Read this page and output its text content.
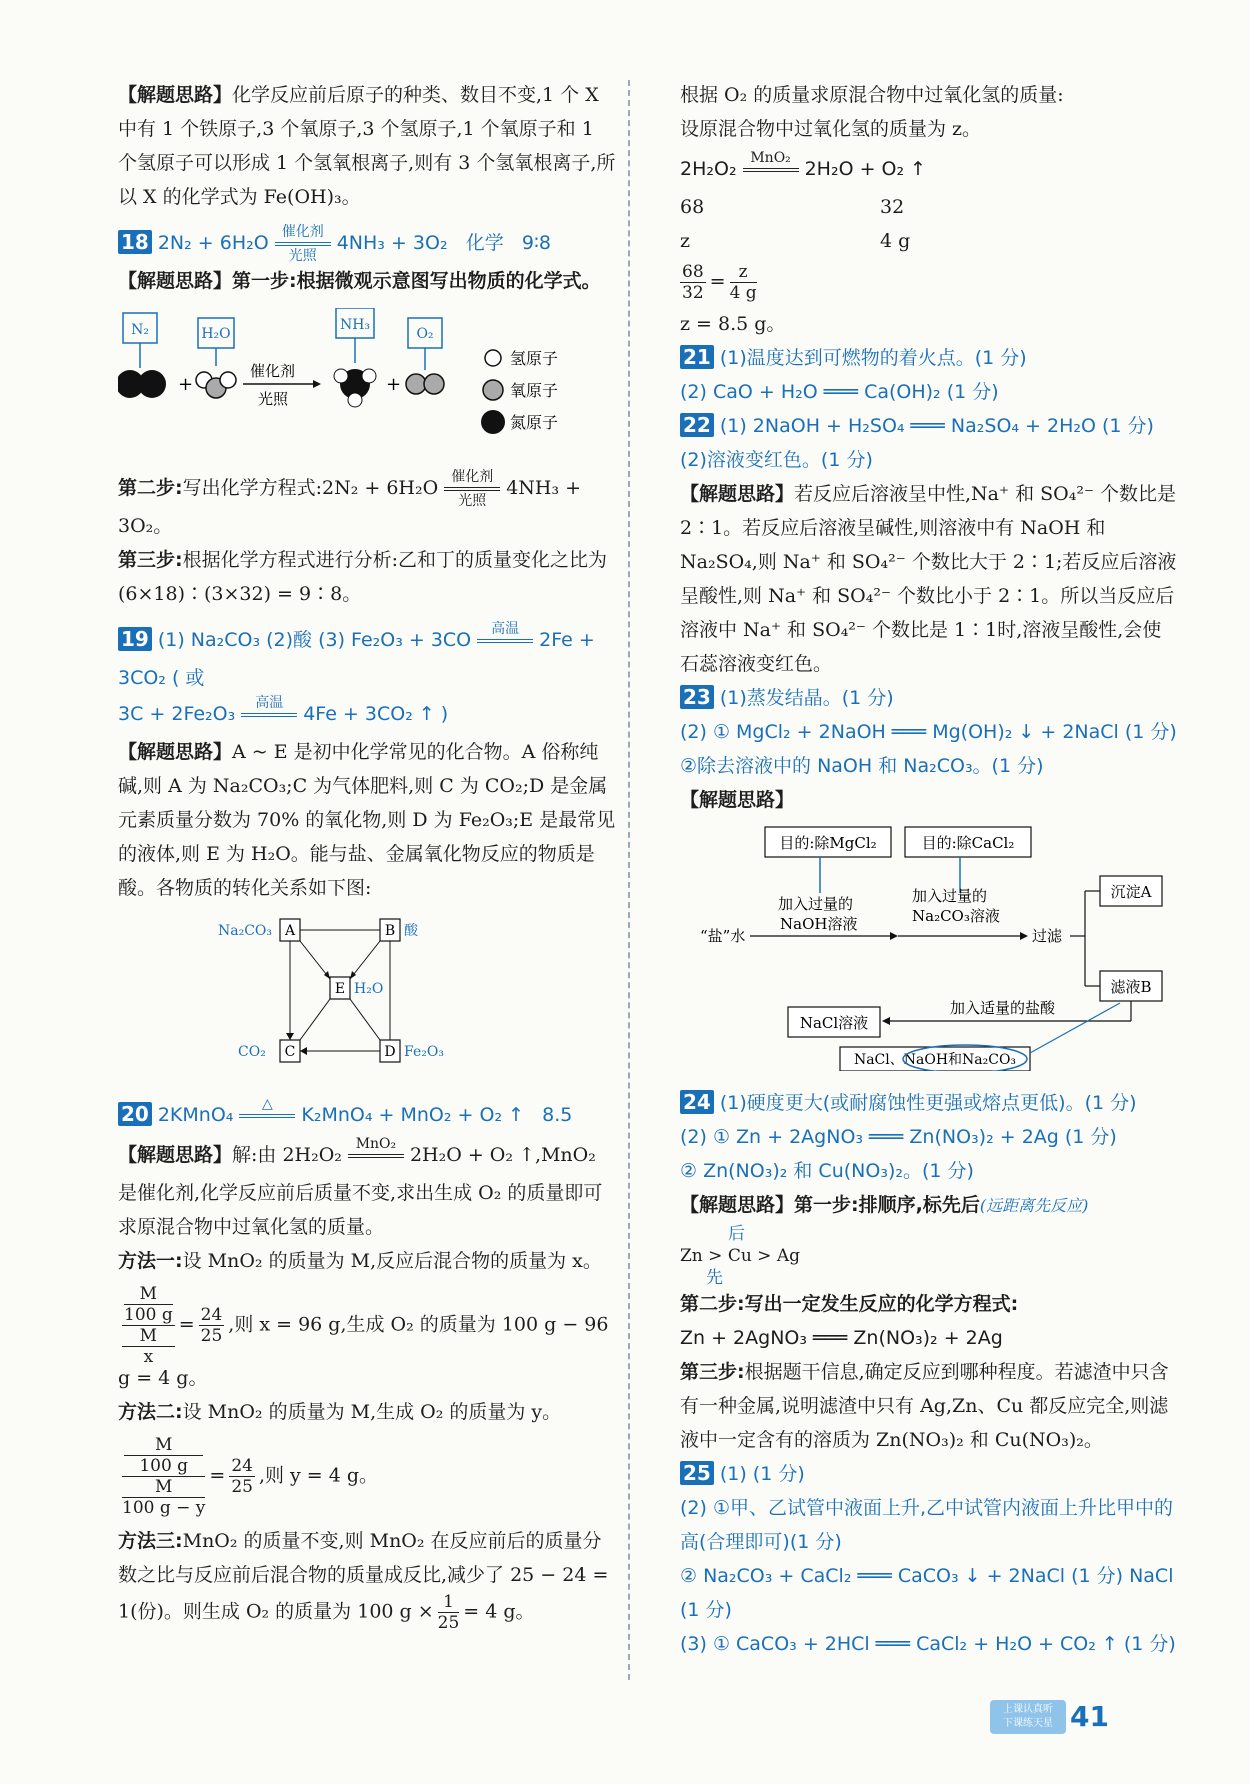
【解题思路】化学反应前后原子的种类、数目不变,1 个 X 中有 1 个铁原子,3 个氧原子,3 个氢原子,1 个氧原子和 1 个氢原子可以形成 1 个氢氧根离子,则有 3 个氢氧根离子,所以 X 的化学式为 Fe(OH)₃。

18 2N₂ + 6H₂O 催化剂
光照
4NH₃ + 3O₂ 化学 9∶8

【解题思路】第一步:根据微观示意图写出物质的化学式。

N₂
+
H₂O
催化剂
光照
NH₃
+
O₂
氢原子
氧原子
氮原子

第二步:写出化学方程式:2N₂ + 6H₂O 催化剂
光照
4NH₃ + 3O₂。

第三步:根据化学方程式进行分析:乙和丁的质量变化之比为(6×18)∶(3×32) = 9∶8。

19 (1) Na₂CO₃ (2)酸 (3) Fe₂O₃ + 3CO	高温
	2Fe + 3CO₂ ( 或

3C + 2Fe₂O₃	高温
	4Fe + 3CO₂ ↑ )

【解题思路】A ~ E 是初中化学常见的化合物。A 俗称纯碱,则 A 为 Na₂CO₃;C 为气体肥料,则 C 为 CO₂;D 是金属元素质量分数为 70% 的氧化物,则 D 为 Fe₂O₃;E 是最常见的液体,则 E 为 H₂O。能与盐、金属氧化物反应的物质是酸。各物质的转化关系如下图:

A
Na₂CO₃	B 酸
E H₂O
C
CO₂	D Fe₂O₃

20 2KMnO₄	△
	K₂MnO₄ + MnO₂ + O₂ ↑ 8.5

【解题思路】解:由 2H₂O₂ MnO₂
2H₂O + O₂ ↑,MnO₂ 是催化剂,化学反应前后质量不变,求出生成 O₂ 的质量即可求原混合物中过氧化氢的质量。

方法一:设 MnO₂ 的质量为 M,反应后混合物的质量为 x。

M
100 g
M
$x = \frac{24}{25}$ ,则 x = 96 g,生成 O₂ 的质量为 100 g − 96 g = 4 g。

方法二:设 MnO₂ 的质量为 M,生成 O₂ 的质量为 y。

M
100 g
M
100 $g - y = \frac{24}{25}$ ,则 y = 4 g。

方法三:MnO₂ 的质量不变,则 MnO₂ 在反应前后的质量分数之比与反应前后混合物的质量成反比,减少了 25 − 24 =

1(份)。则生成 O₂ 的质量为 100 $g \times \frac{1}{25} = 4$ g。

根据 O₂ 的质量求原混合物中过氧化氢的质量:

设原混合物中过氧化氢的质量为 z。

2H₂O₂ MnO₂
2H₂O + O₂ ↑

68	32

z	4 g

$\frac{68}{32} = \frac{z}{4 g}$

z = 8.5 g。

21 (1)温度达到可燃物的着火点。(1 分)

(2) CaO + H₂O ═══ Ca(OH)₂ (1 分)

22 (1) 2NaOH + H₂SO₄ ═══ Na₂SO₄ + 2H₂O (1 分)

(2)溶液变红色。(1 分)

【解题思路】若反应后溶液呈中性,Na⁺ 和 SO₄²⁻ 个数比是 2∶1。若反应后溶液呈碱性,则溶液中有 NaOH 和 Na₂SO₄,则 Na⁺ 和 SO₄²⁻ 个数比大于 2∶1;若反应后溶液呈酸性,则 Na⁺ 和 SO₄²⁻ 个数比小于 2∶1。所以当反应后溶液中 Na⁺ 和 SO₄²⁻ 个数比是 1∶1时,溶液呈酸性,会使石蕊溶液变红色。

23 (1)蒸发结晶。(1 分)

(2) ① MgCl₂ + 2NaOH ═══ Mg(OH)₂ ↓ + 2NaCl (1 分)

②除去溶液中的 NaOH 和 Na₂CO₃。(1 分)

【解题思路】

目的:除MgCl₂	目的:除CaCl₂
“盐”水
加入过量的
NaOH溶液
加入过量的
Na₂CO₃溶液
过滤
沉淀A
滤液B
加入适量的盐酸
NaCl溶液
NaCl、NaOH和Na₂CO₃

24 (1)硬度更大(或耐腐蚀性更强或熔点更低)。(1 分)

(2) ① Zn + 2AgNO₃ ═══ Zn(NO₃)₂ + 2Ag (1 分)

② Zn(NO₃)₂ 和 Cu(NO₃)₂。(1 分)

【解题思路】第一步:排顺序,标先后(远距离先反应)

后
Zn > Cu > Ag
先

第二步:写出一定发生反应的化学方程式:

Zn + 2AgNO₃ ═══ Zn(NO₃)₂ + 2Ag

第三步:根据题干信息,确定反应到哪种程度。若滤渣中只含有一种金属,说明滤渣中只有 Ag,Zn、Cu 都反应完全,则滤液中一定含有的溶质为 Zn(NO₃)₂ 和 Cu(NO₃)₂。

25 (1) (1 分)

(2) ①甲、乙试管中液面上升,乙中试管内液面上升比甲中的高(合理即可)(1 分)

② Na₂CO₃ + CaCl₂ ═══ CaCO₃ ↓ + 2NaCl (1 分) NaCl (1 分)

(3) ① CaCO₃ + 2HCl ═══ CaCl₂ + H₂O + CO₂ ↑ (1 分)

上课认真听
下课练天星 41
